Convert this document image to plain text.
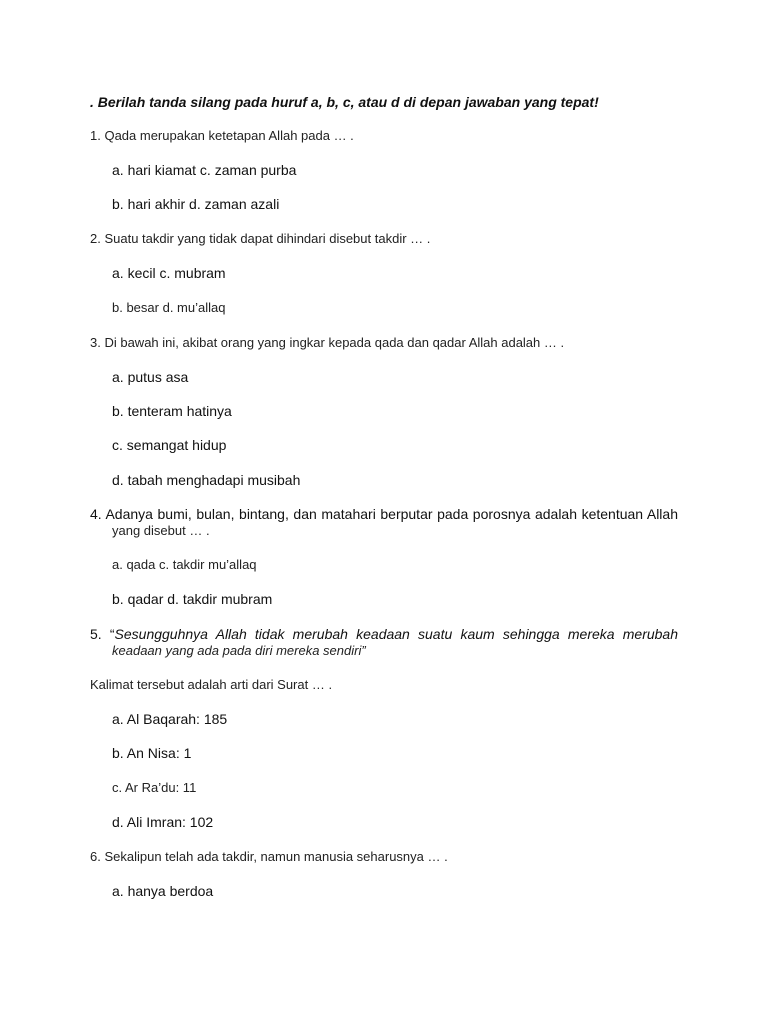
. Berilah tanda silang pada huruf a, b, c, atau d di depan jawaban yang tepat!
1. Qada merupakan ketetapan Allah pada … .
a. hari kiamat c. zaman purba
b. hari akhir d. zaman azali
2. Suatu takdir yang tidak dapat dihindari disebut takdir … .
a. kecil c. mubram
b. besar d. mu’allaq
3. Di bawah ini, akibat orang yang ingkar kepada qada dan qadar Allah adalah … .
a. putus asa
b. tenteram hatinya
c. semangat hidup
d. tabah menghadapi musibah
4. Adanya bumi, bulan, bintang, dan matahari berputar pada porosnya adalah ketentuan Allah
yang disebut … .
a. qada c. takdir mu’allaq
b. qadar d. takdir mubram
5. “Sesungguhnya Allah tidak merubah keadaan suatu kaum sehingga mereka merubah
keadaan yang ada pada diri mereka sendiri”
Kalimat tersebut adalah arti dari Surat … .
a. Al Baqarah: 185
b. An Nisa: 1
c. Ar Ra’du: 11
d. Ali Imran: 102
6. Sekalipun telah ada takdir, namun manusia seharusnya … .
a. hanya berdoa
